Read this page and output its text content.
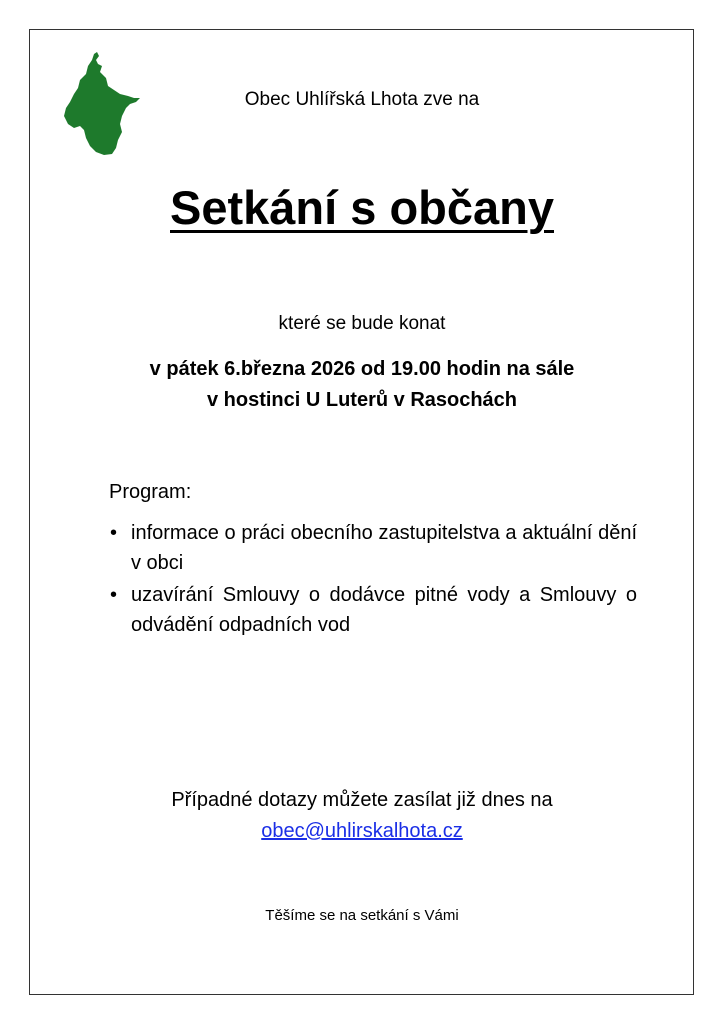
Obec Uhlířská Lhota zve na
Setkání s občany
které se bude konat
v pátek 6.března 2026 od 19.00 hodin na sále
v hostinci U Luterů v Rasochách
Program:
• informace o práci obecního zastupitelstva a aktuální dění v obci
• uzavírání Smlouvy o dodávce pitné vody a Smlouvy o odvádění odpadních vod
Případné dotazy můžete zasílat již dnes na
obec@uhlirskalhota.cz
Těšíme se na setkání s Vámi
